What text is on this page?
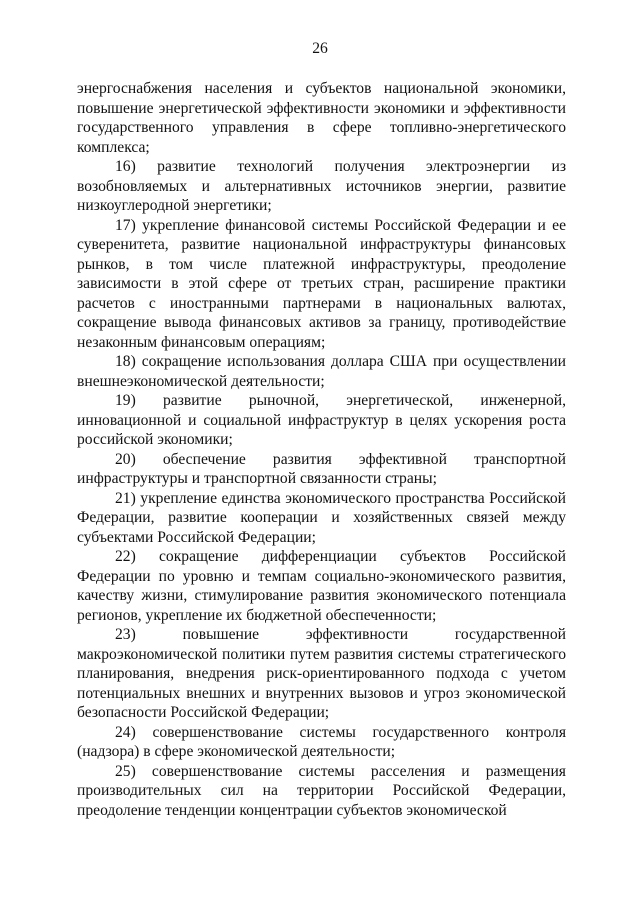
26

энергоснабжения населения и субъектов национальной экономики, повышение энергетической эффективности экономики и эффективности государственного управления в сфере топливно-энергетического комплекса;

16) развитие технологий получения электроэнергии из возобновляемых и альтернативных источников энергии, развитие низкоуглеродной энергетики;

17) укрепление финансовой системы Российской Федерации и ее суверенитета, развитие национальной инфраструктуры финансовых рынков, в том числе платежной инфраструктуры, преодоление зависимости в этой сфере от третьих стран, расширение практики расчетов с иностранными партнерами в национальных валютах, сокращение вывода финансовых активов за границу, противодействие незаконным финансовым операциям;

18) сокращение использования доллара США при осуществлении внешнеэкономической деятельности;

19) развитие рыночной, энергетической, инженерной, инновационной и социальной инфраструктур в целях ускорения роста российской экономики;

20) обеспечение развития эффективной транспортной инфраструктуры и транспортной связанности страны;

21) укрепление единства экономического пространства Российской Федерации, развитие кооперации и хозяйственных связей между субъектами Российской Федерации;

22) сокращение дифференциации субъектов Российской Федерации по уровню и темпам социально-экономического развития, качеству жизни, стимулирование развития экономического потенциала регионов, укрепление их бюджетной обеспеченности;

23) повышение эффективности государственной макроэкономической политики путем развития системы стратегического планирования, внедрения риск-ориентированного подхода с учетом потенциальных внешних и внутренних вызовов и угроз экономической безопасности Российской Федерации;

24) совершенствование системы государственного контроля (надзора) в сфере экономической деятельности;

25) совершенствование системы расселения и размещения производительных сил на территории Российской Федерации, преодоление тенденции концентрации субъектов экономической
